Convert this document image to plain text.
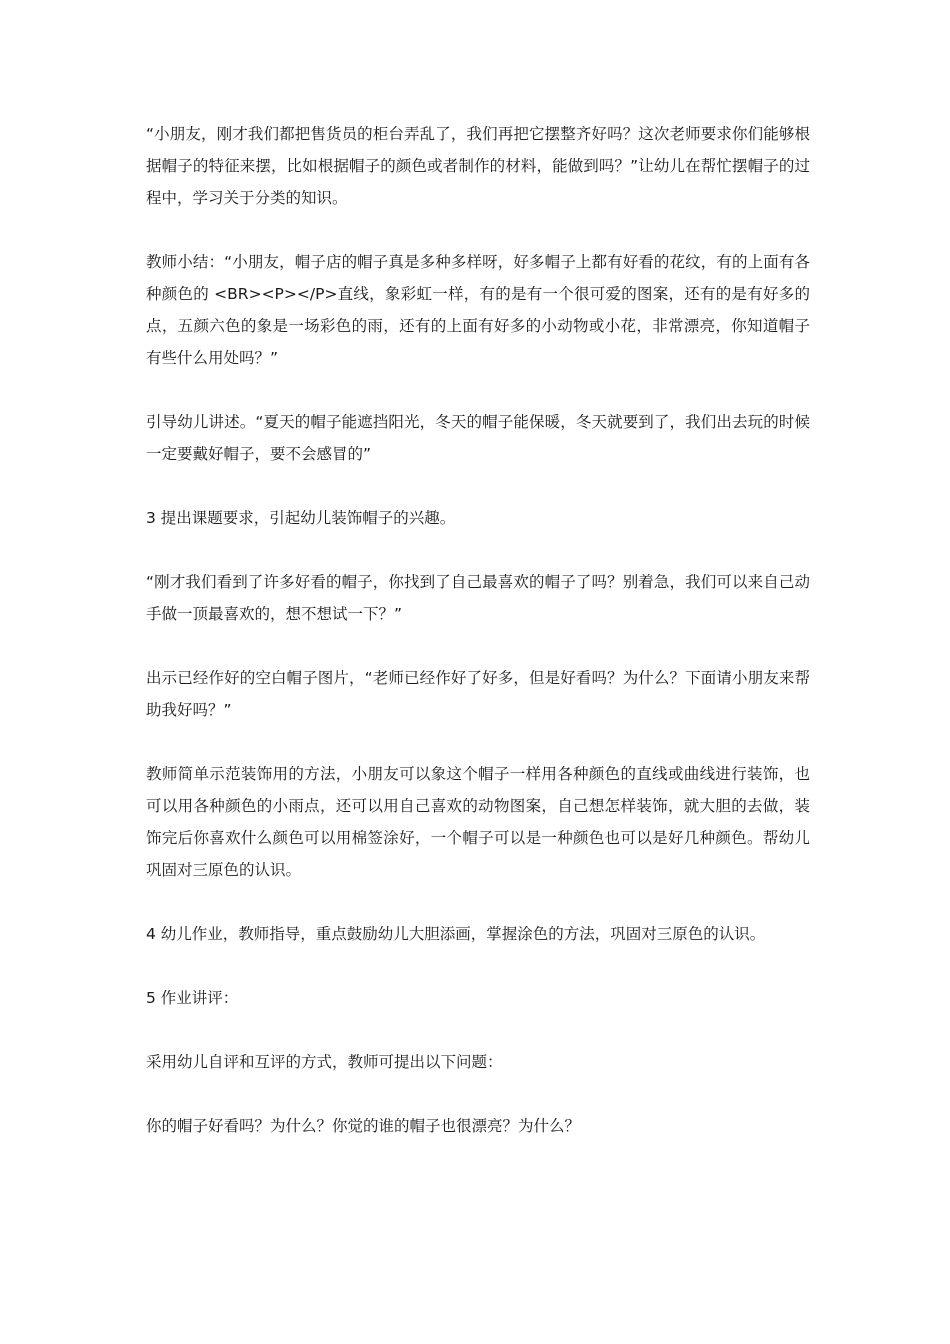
“小朋友，刚才我们都把售货员的柜台弄乱了，我们再把它摆整齐好吗？这次老师要求你们能够根据帽子的特征来摆，比如根据帽子的颜色或者制作的材料，能做到吗？”让幼儿在帮忙摆帽子的过程中，学习关于分类的知识。

教师小结：“小朋友，帽子店的帽子真是多种多样呀，好多帽子上都有好看的花纹，有的上面有各种颜色的 <BR><P></P>直线，象彩虹一样，有的是有一个很可爱的图案，还有的是有好多的点，五颜六色的象是一场彩色的雨，还有的上面有好多的小动物或小花，非常漂亮，你知道帽子有些什么用处吗？”

引导幼儿讲述。“夏天的帽子能遮挡阳光，冬天的帽子能保暖，冬天就要到了，我们出去玩的时候一定要戴好帽子，要不会感冒的”

3 提出课题要求，引起幼儿装饰帽子的兴趣。

“刚才我们看到了许多好看的帽子，你找到了自己最喜欢的帽子了吗？别着急，我们可以来自己动手做一顶最喜欢的，想不想试一下？”

出示已经作好的空白帽子图片，“老师已经作好了好多，但是好看吗？为什么？下面请小朋友来帮助我好吗？”

教师简单示范装饰用的方法，小朋友可以象这个帽子一样用各种颜色的直线或曲线进行装饰，也可以用各种颜色的小雨点，还可以用自己喜欢的动物图案，自己想怎样装饰，就大胆的去做，装饰完后你喜欢什么颜色可以用棉签涂好，一个帽子可以是一种颜色也可以是好几种颜色。帮幼儿巩固对三原色的认识。

4 幼儿作业，教师指导，重点鼓励幼儿大胆添画，掌握涂色的方法，巩固对三原色的认识。

5 作业讲评：

采用幼儿自评和互评的方式，教师可提出以下问题：

你的帽子好看吗？为什么？你觉的谁的帽子也很漂亮？为什么？
